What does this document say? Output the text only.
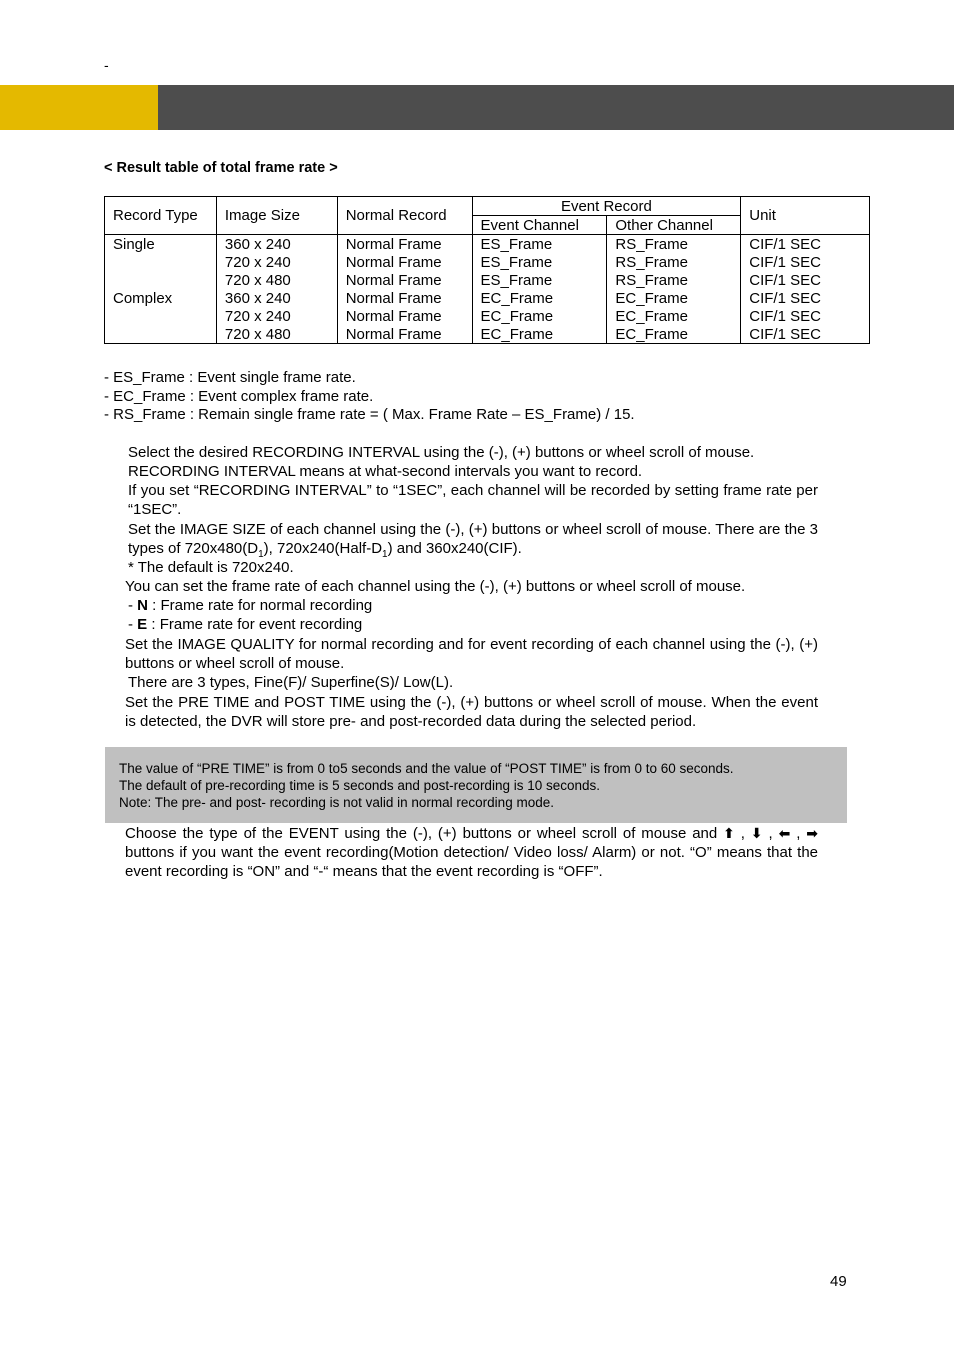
-
< Result table of total frame rate >
Record Type	Image Size	Normal Record	Event Record		Unit
			Event Channel	Other Channel	
Single	360 x 240	Normal Frame	ES_Frame	RS_Frame	CIF/1 SEC
	720 x 240	Normal Frame	ES_Frame	RS_Frame	CIF/1 SEC
	720 x 480	Normal Frame	ES_Frame	RS_Frame	CIF/1 SEC
Complex	360 x 240	Normal Frame	EC_Frame	EC_Frame	CIF/1 SEC
	720 x 240	Normal Frame	EC_Frame	EC_Frame	CIF/1 SEC
	720 x 480	Normal Frame	EC_Frame	EC_Frame	CIF/1 SEC
- ES_Frame : Event single frame rate.
- EC_Frame : Event complex frame rate.
- RS_Frame : Remain single frame rate = ( Max. Frame Rate – ES_Frame) / 15.

Select the desired RECORDING INTERVAL using the (-), (+) buttons or wheel scroll of mouse.

RECORDING INTERVAL means at what-second intervals you want to record.

If you set “RECORDING INTERVAL” to “1SEC”, each channel will be recorded by setting frame rate per “1SEC”.

Set the IMAGE SIZE of each channel using the (-), (+) buttons or wheel scroll of mouse. There are the 3 types of $720x480(D_1)$, $720x240(Half-D_1)$ and 360x240(CIF).

* The default is 720x240.

You can set the frame rate of each channel using the (-), (+) buttons or wheel scroll of mouse.

- N : Frame rate for normal recording

- E : Frame rate for event recording

Set the IMAGE QUALITY for normal recording and for event recording of each channel using the (-), (+) buttons or wheel scroll of mouse.

There are 3 types, Fine(F)/ Superfine(S)/ Low(L).

Set the PRE TIME and POST TIME using the (-), (+) buttons or wheel scroll of mouse. When the event is detected, the DVR will store pre- and post-recorded data during the selected period.

The value of “PRE TIME” is from 0 to5 seconds and the value of “POST TIME” is from 0 to 60 seconds.
The default of pre-recording time is 5 seconds and post-recording is 10 seconds.
Note: The pre- and post- recording is not valid in normal recording mode.

Choose the type of the EVENT using the (-), (+) buttons or wheel scroll of mouse and ⬆ , ⬇ , ⬅ , ➡ buttons if you want the event recording(Motion detection/ Video loss/ Alarm) or not. “O” means that the event recording is “ON” and “-“ means that the event recording is “OFF”.

49
